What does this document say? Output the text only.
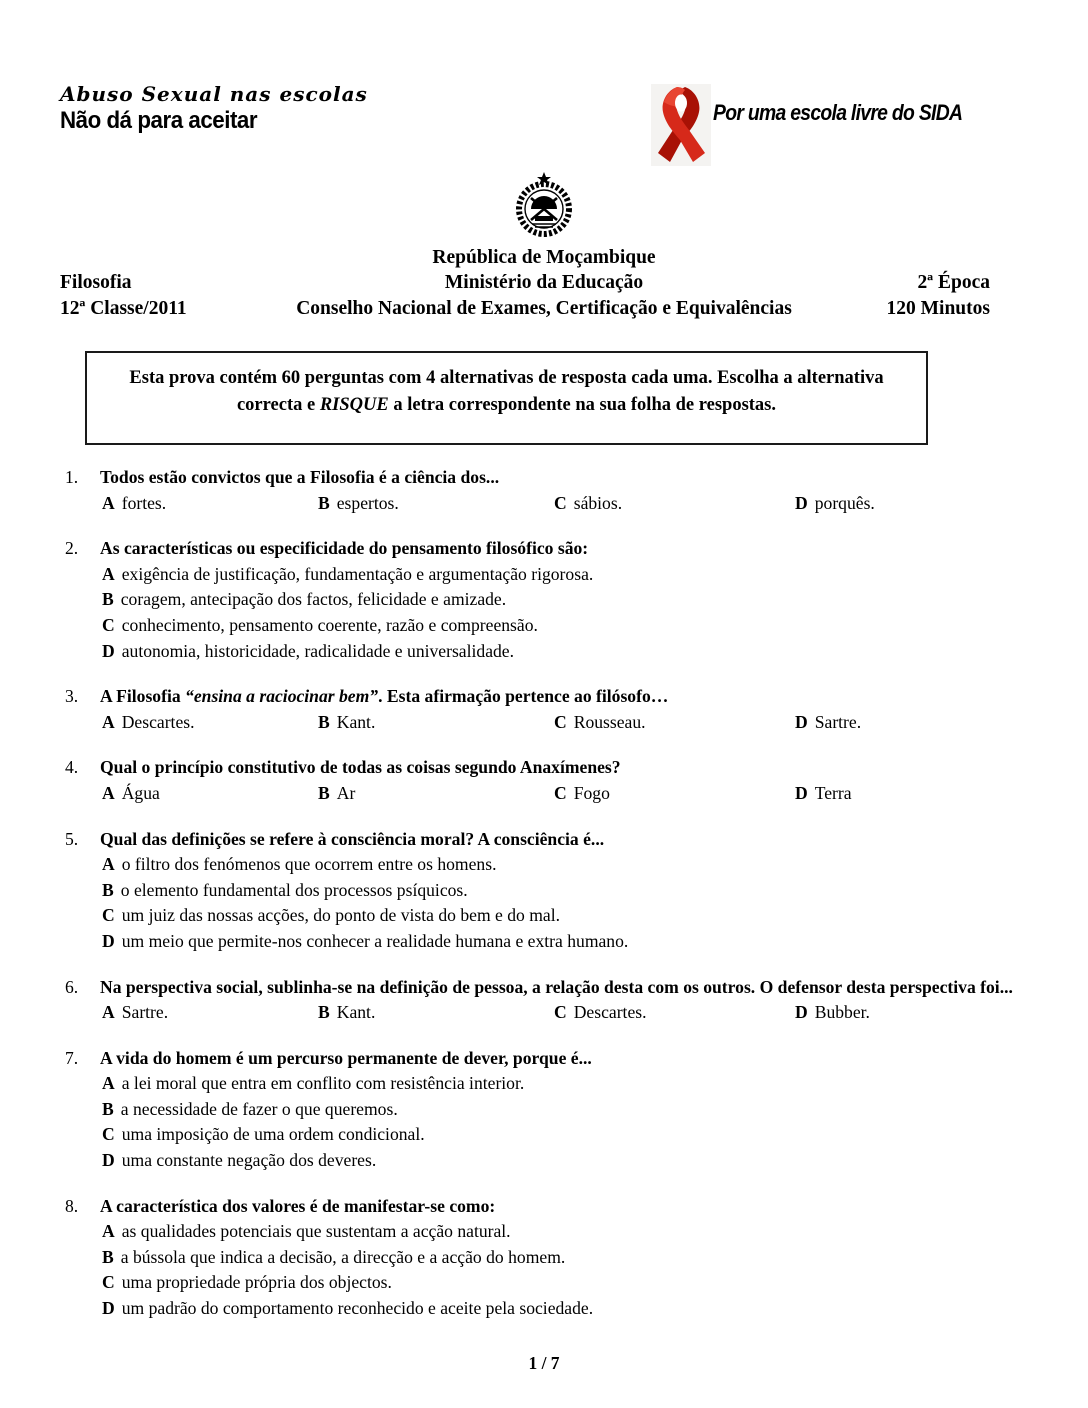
Abuso Sexual nas escolas
Não dá para aceitar	Por uma escola livre do SIDA
República de Moçambique
Filosofia	Ministério da Educação	2ª Época
12ª Classe/2011	Conselho Nacional de Exames, Certificação e Equivalências	120 Minutos
Esta prova contém 60 perguntas com 4 alternativas de resposta cada uma. Escolha a alternativa correcta e RISQUE a letra correspondente na sua folha de respostas.
1.	Todos estão convictos que a Filosofia é a ciência dos...
A fortes.	B espertos.	C sábios.	D porquês.
2.	As características ou especificidade do pensamento filosófico são:
A exigência de justificação, fundamentação e argumentação rigorosa.
B coragem, antecipação dos factos, felicidade e amizade.
C conhecimento, pensamento coerente, razão e compreensão.
D autonomia, historicidade, radicalidade e universalidade.
3.	A Filosofia “ensina a raciocinar bem”. Esta afirmação pertence ao filósofo…
A Descartes.	B Kant.	C Rousseau.	D Sartre.
4.	Qual o princípio constitutivo de todas as coisas segundo Anaxímenes?
A Água	B Ar	C Fogo	D Terra
5.	Qual das definições se refere à consciência moral? A consciência é...
A o filtro dos fenómenos que ocorrem entre os homens.
B o elemento fundamental dos processos psíquicos.
C um juiz das nossas acções, do ponto de vista do bem e do mal.
D um meio que permite-nos conhecer a realidade humana e extra humano.
6.	Na perspectiva social, sublinha-se na definição de pessoa, a relação desta com os outros. O defensor desta perspectiva foi...
A Sartre.	B Kant.	C Descartes.	D Bubber.
7.	A vida do homem é um percurso permanente de dever, porque é...
A a lei moral que entra em conflito com resistência interior.
B a necessidade de fazer o que queremos.
C uma imposição de uma ordem condicional.
D uma constante negação dos deveres.
8.	A característica dos valores é de manifestar-se como:
A as qualidades potenciais que sustentam a acção natural.
B a bússola que indica a decisão, a direcção e a acção do homem.
C uma propriedade própria dos objectos.
D um padrão do comportamento reconhecido e aceite pela sociedade.
1 / 7
